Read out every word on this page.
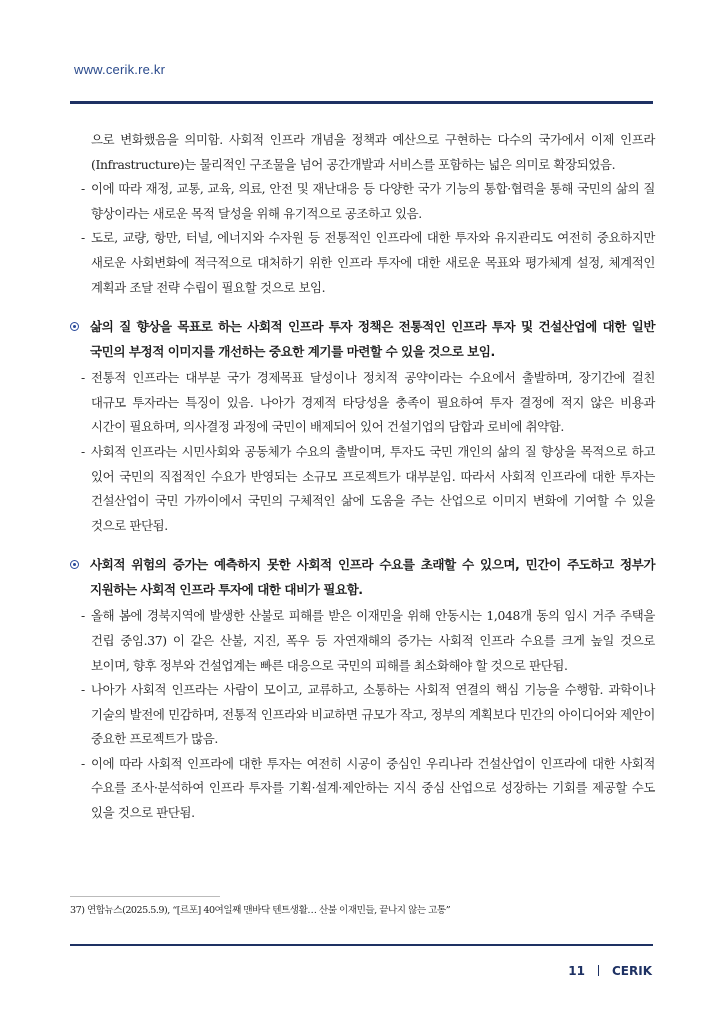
www.cerik.re.kr
으로 변화했음을 의미함. 사회적 인프라 개념을 정책과 예산으로 구현하는 다수의 국가에서 이제 인프라(Infrastructure)는 물리적인 구조물을 넘어 공간개발과 서비스를 포함하는 넓은 의미로 확장되었음.
- 이에 따라 재정, 교통, 교육, 의료, 안전 및 재난대응 등 다양한 국가 기능의 통합·협력을 통해 국민의 삶의 질 향상이라는 새로운 목적 달성을 위해 유기적으로 공조하고 있음.
- 도로, 교량, 항만, 터널, 에너지와 수자원 등 전통적인 인프라에 대한 투자와 유지관리도 여전히 중요하지만 새로운 사회변화에 적극적으로 대처하기 위한 인프라 투자에 대한 새로운 목표와 평가체계 설정, 체계적인 계획과 조달 전략 수립이 필요할 것으로 보임.
삶의 질 향상을 목표로 하는 사회적 인프라 투자 정책은 전통적인 인프라 투자 및 건설산업에 대한 일반 국민의 부정적 이미지를 개선하는 중요한 계기를 마련할 수 있을 것으로 보임.
- 전통적 인프라는 대부분 국가 경제목표 달성이나 정치적 공약이라는 수요에서 출발하며, 장기간에 걸친 대규모 투자라는 특징이 있음. 나아가 경제적 타당성을 충족이 필요하여 투자 결정에 적지 않은 비용과 시간이 필요하며, 의사결정 과정에 국민이 배제되어 있어 건설기업의 담합과 로비에 취약함.
- 사회적 인프라는 시민사회와 공동체가 수요의 출발이며, 투자도 국민 개인의 삶의 질 향상을 목적으로 하고 있어 국민의 직접적인 수요가 반영되는 소규모 프로젝트가 대부분임. 따라서 사회적 인프라에 대한 투자는 건설산업이 국민 가까이에서 국민의 구체적인 삶에 도움을 주는 산업으로 이미지 변화에 기여할 수 있을 것으로 판단됨.
사회적 위험의 증가는 예측하지 못한 사회적 인프라 수요를 초래할 수 있으며, 민간이 주도하고 정부가 지원하는 사회적 인프라 투자에 대한 대비가 필요함.
- 올해 봄에 경북지역에 발생한 산불로 피해를 받은 이재민을 위해 안동시는 1,048개 동의 임시 거주 주택을 건립 중임.37) 이 같은 산불, 지진, 폭우 등 자연재해의 증가는 사회적 인프라 수요를 크게 높일 것으로 보이며, 향후 정부와 건설업계는 빠른 대응으로 국민의 피해를 최소화해야 할 것으로 판단됨.
- 나아가 사회적 인프라는 사람이 모이고, 교류하고, 소통하는 사회적 연결의 핵심 기능을 수행함. 과학이나 기술의 발전에 민감하며, 전통적 인프라와 비교하면 규모가 작고, 정부의 계획보다 민간의 아이디어와 제안이 중요한 프로젝트가 많음.
- 이에 따라 사회적 인프라에 대한 투자는 여전히 시공이 중심인 우리나라 건설산업이 인프라에 대한 사회적 수요를 조사·분석하여 인프라 투자를 기획·설계·제안하는 지식 중심 산업으로 성장하는 기회를 제공할 수도 있을 것으로 판단됨.
37) 연합뉴스(2025.5.9), “[르포] 40여일째 맨바닥 텐트생활… 산불 이재민들, 끝나지 않는 고통”
11 CERIK
